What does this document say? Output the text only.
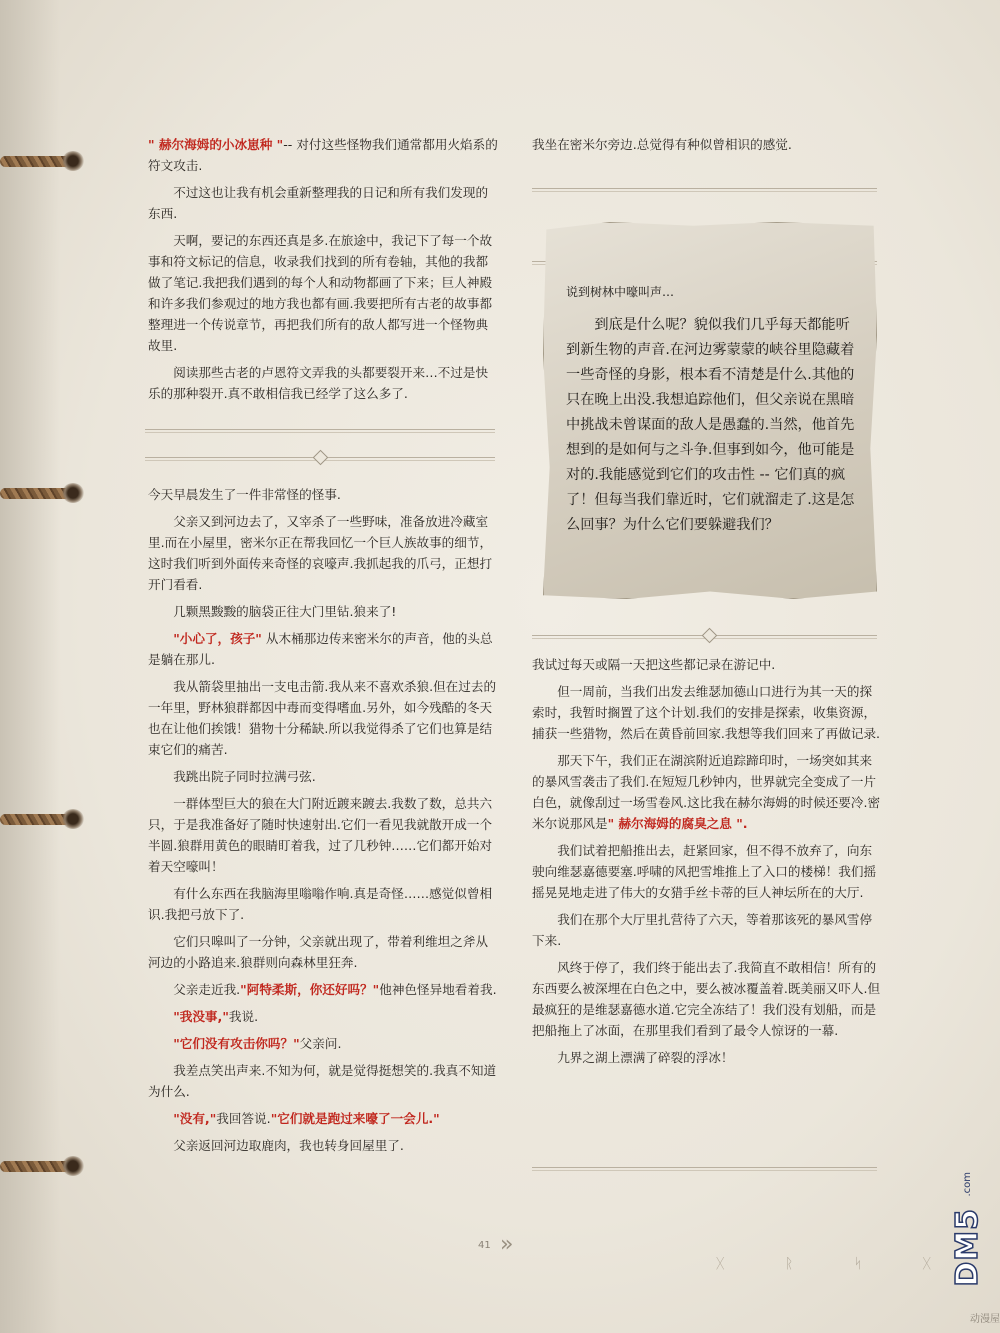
" 赫尔海姆的小冰崽种 "-- 对付这些怪物我们通常都用火焰系的符文攻击.

不过这也让我有机会重新整理我的日记和所有我们发现的东西.

天啊，要记的东西还真是多.在旅途中，我记下了每一个故事和符文标记的信息，收录我们找到的所有卷轴，其他的我都做了笔记.我把我们遇到的每个人和动物都画了下来；巨人神殿和许多我们参观过的地方我也都有画.我要把所有古老的故事都整理进一个传说章节，再把我们所有的敌人都写进一个怪物典故里.

阅读那些古老的卢恩符文弄我的头都要裂开来…不过是快乐的那种裂开.真不敢相信我已经学了这么多了.

今天早晨发生了一件非常怪的怪事.

父亲又到河边去了，又宰杀了一些野味，准备放进冷藏室里.而在小屋里，密米尔正在帮我回忆一个巨人族故事的细节，这时我们听到外面传来奇怪的哀嚎声.我抓起我的爪弓，正想打开门看看.

几颗黑黢黢的脑袋正往大门里钻.狼来了!

"小心了，孩子" 从木桶那边传来密米尔的声音，他的头总是躺在那儿.

我从箭袋里抽出一支电击箭.我从来不喜欢杀狼.但在过去的一年里，野林狼群都因中毒而变得嗜血.另外，如今残酷的冬天也在让他们挨饿！猎物十分稀缺.所以我觉得杀了它们也算是结束它们的痛苦.

我跳出院子同时拉满弓弦.

一群体型巨大的狼在大门附近踱来踱去.我数了数，总共六只，于是我准备好了随时快速射出.它们一看见我就散开成一个半圆.狼群用黄色的眼睛盯着我，过了几秒钟……它们都开始对着天空嚎叫！

有什么东西在我脑海里嗡嗡作响.真是奇怪……感觉似曾相识.我把弓放下了.

它们只嗥叫了一分钟，父亲就出现了，带着利维坦之斧从河边的小路追来.狼群则向森林里狂奔.

父亲走近我."阿特柔斯，你还好吗？"他神色怪异地看着我.

"我没事,"我说.

"它们没有攻击你吗？"父亲问.

我差点笑出声来.不知为何，就是觉得挺想笑的.我真不知道为什么.

"没有,"我回答说."它们就是跑过来嚎了一会儿."

父亲返回河边取鹿肉，我也转身回屋里了.

我坐在密米尔旁边.总觉得有种似曾相识的感觉.

说到树林中嚎叫声…

到底是什么呢？貌似我们几乎每天都能听到新生物的声音.在河边雾蒙蒙的峡谷里隐藏着一些奇怪的身影，根本看不清楚是什么.其他的只在晚上出没.我想追踪他们，但父亲说在黑暗中挑战未曾谋面的敌人是愚蠢的.当然，他首先想到的是如何与之斗争.但事到如今，他可能是对的.我能感觉到它们的攻击性 -- 它们真的疯了！但每当我们靠近时，它们就溜走了.这是怎么回事？为什么它们要躲避我们？

我试过每天或隔一天把这些都记录在游记中.

但一周前，当我们出发去维瑟加德山口进行为其一天的探索时，我暂时搁置了这个计划.我们的安排是探索，收集资源，捕获一些猎物，然后在黄昏前回家.我想等我们回来了再做记录.

那天下午，我们正在湖滨附近追踪蹄印时，一场突如其来的暴风雪袭击了我们.在短短几秒钟内，世界就完全变成了一片白色，就像刮过一场雪卷风.这比我在赫尔海姆的时候还要冷.密米尔说那风是" 赫尔海姆的腐臭之息 ".

我们试着把船推出去，赶紧回家，但不得不放弃了，向东驶向维瑟嘉德要塞.呼啸的风把雪堆推上了入口的楼梯！我们摇摇晃晃地走进了伟大的女猎手丝卡蒂的巨人神坛所在的大厅.

我们在那个大厅里扎营待了六天，等着那该死的暴风雪停下来.

风终于停了，我们终于能出去了.我简直不敢相信！所有的东西要么被深埋在白色之中，要么被冰覆盖着.既美丽又吓人.但最疯狂的是维瑟嘉德水道.它完全冻结了！我们没有划船，而是把船拖上了冰面，在那里我们看到了最令人惊讶的一幕.

九界之湖上漂满了碎裂的浮冰！

41 »
ᚷ ᚱ ᛋ ᚷ
.com
DM5
动漫屋
